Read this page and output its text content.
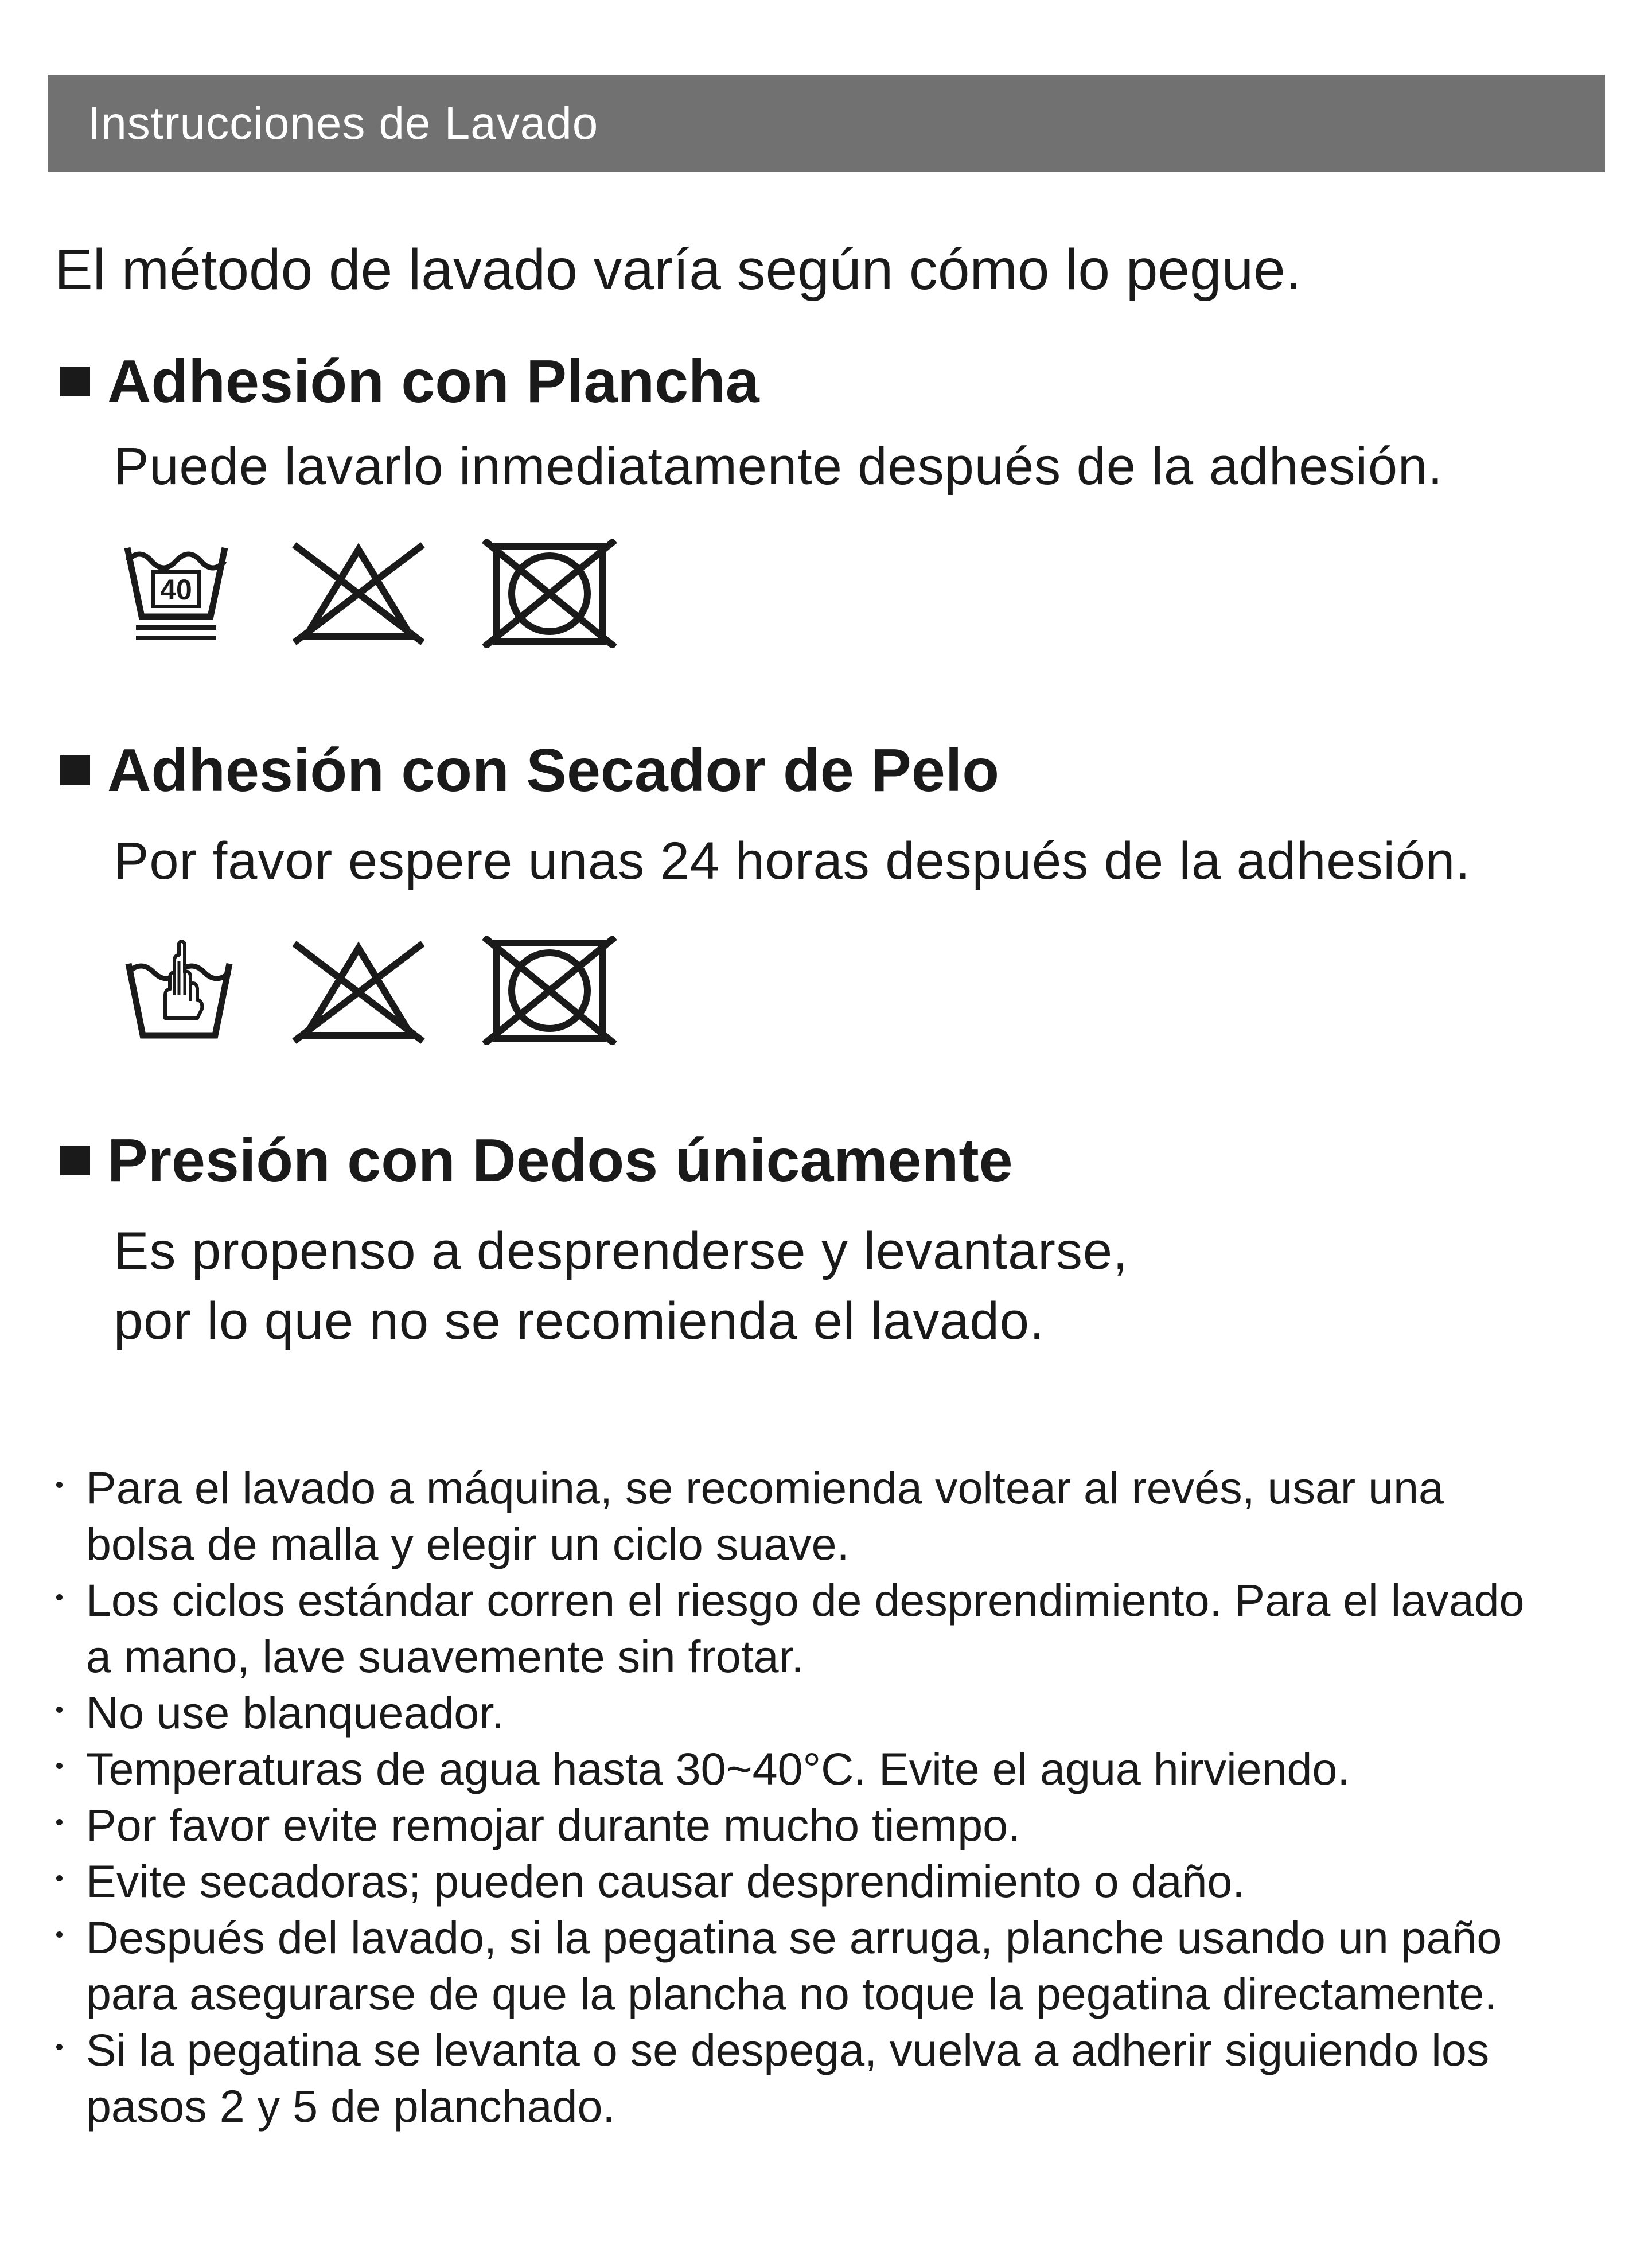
Instrucciones de Lavado
El método de lavado varía según cómo lo pegue.
Adhesión con Plancha
Puede lavarlo inmediatamente después de la adhesión.
40
Adhesión con Secador de Pelo
Por favor espere unas 24 horas después de la adhesión.
Presión con Dedos únicamente
Es propenso a desprenderse y levantarse,
por lo que no se recomienda el lavado.
Para el lavado a máquina, se recomienda voltear al revés, usar una
bolsa de malla y elegir un ciclo suave.
Los ciclos estándar corren el riesgo de desprendimiento. Para el lavado
a mano, lave suavemente sin frotar.
No use blanqueador.
Temperaturas de agua hasta 30~40°C. Evite el agua hirviendo.
Por favor evite remojar durante mucho tiempo.
Evite secadoras; pueden causar desprendimiento o daño.
Después del lavado, si la pegatina se arruga, planche usando un paño
para asegurarse de que la plancha no toque la pegatina directamente.
Si la pegatina se levanta o se despega, vuelva a adherir siguiendo los
pasos 2 y 5 de planchado.
